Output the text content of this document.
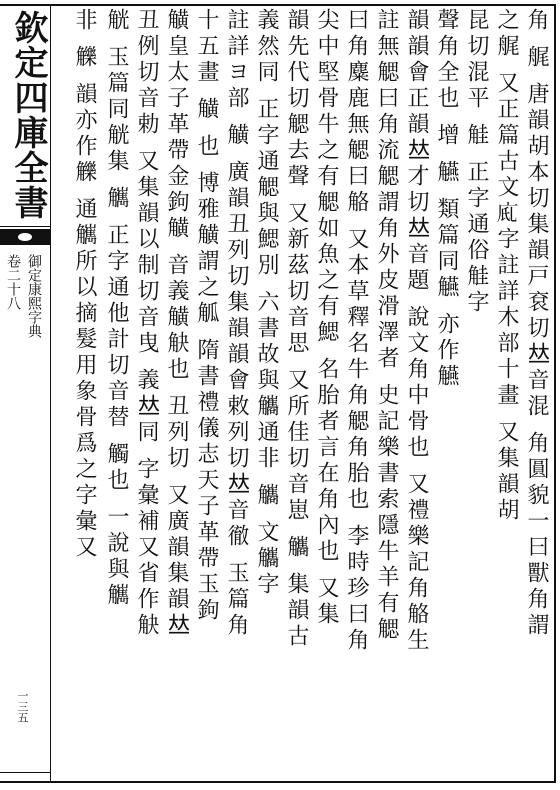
欽定四庫全書
御定康熙字典
卷二十八
一三五
角 艉 唐韻胡本切集韻戸袞切𠀤音混 角圓貌一曰獸角謂
之艉 又正篇古文𢇼字註詳木部十畫 又集韻胡
昆切混平 觟 正字通俗觟字
聲角全也 增 觾 類篇同觾 亦作觾
韻韻會正韻𠀤才切𠀤音題 說文角中骨也 又禮樂記角觡生
註無䚡曰角流䚡謂角外皮滑澤者 史記樂書索隱牛羊有䚡
曰角麋鹿無䚡曰觡 又本草釋名牛角䚡角胎也 李時珍曰角
尖中堅骨牛之有䚡如魚之有鰓 名胎者言在角內也 又集
韻先代切䚡去聲 又新茲切音思 又所佳切音崽 觿 集韻古
義然同 正字通䚡與鰓別 六書故與觿通非 觿 文觿字
註詳ヨ部 觵 廣韻丑列切集韻韻會敕列切𠀤音徹 玉篇角
十五畫 觵 也 博雅觵謂之觚 隋書禮儀志天子革帶玉鉤
觵皇太子革帶金鉤觵 音義觵觖也 丑列切 又廣韻集韻𠀤
丑例切音勅 又集韻以制切音曳 義𠀤同 字彙補又省作觖
觥 玉篇同觥集 觽 正字通他計切音替 觸也 一說與觽
非 觻 韻亦作觻 通觽所以摘髮用象骨爲之字彙又
